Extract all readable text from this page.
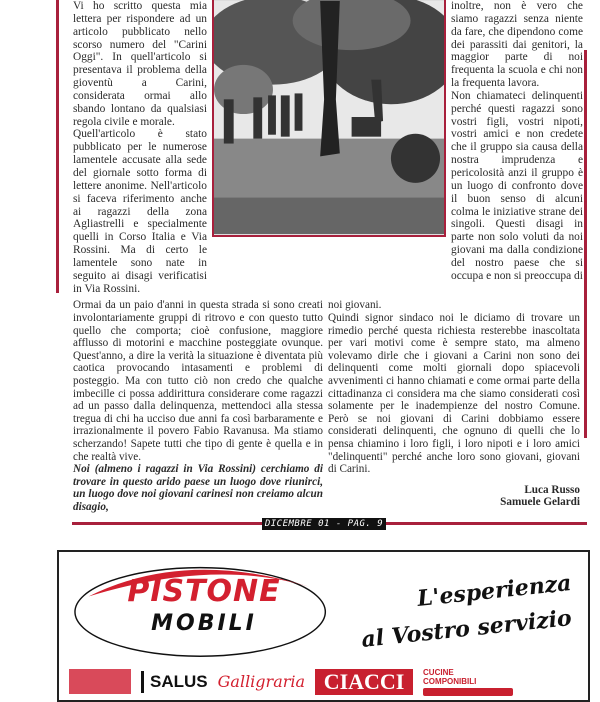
Vi ho scritto questa mia lettera per rispondere ad un articolo pubblicato nello scorso numero del "Carini Oggi". In quell'articolo si presentava il problema della gioventù a Carini, considerata ormai allo sbando lontano da qualsiasi regola civile e morale.

Quell'articolo è stato pubblicato per le numerose lamentele accusate alla sede del giornale sotto forma di lettere anonime. Nell'articolo si faceva riferimento anche ai ragazzi della zona Agliastrelli e specialmente quelli in Corso Italia e Via Rossini. Ma di certo le lamentele sono nate in seguito ai disagi verificatisi in Via Rossini.

inoltre, non è vero che siamo ragazzi senza niente da fare, che dipendono come dei parassiti dai genitori, la maggior parte di noi frequenta la scuola e chi non la frequenta lavora.

Non chiamateci delinquenti perché questi ragazzi sono vostri figli, vostri nipoti, vostri amici e non credete che il gruppo sia causa della nostra imprudenza e pericolosità anzi il gruppo è un luogo di confronto dove il buon senso di alcuni colma le iniziative strane dei singoli. Questi disagi in parte non solo voluti da noi giovani ma dalla condizione del nostro paese che si occupa e non si preoccupa di

Ormai da un paio d'anni in questa strada si sono creati involontariamente gruppi di ritrovo e con questo tutto quello che comporta; cioè confusione, maggiore afflusso di motorini e macchine posteggiate ovunque. Quest'anno, a dire la verità la situazione è diventata più caotica provocando intasamenti e problemi di posteggio. Ma con tutto ciò non credo che qualche imbecille ci possa addirittura considerare come ragazzi ad un passo dalla delinquenza, mettendoci alla stessa tregua di chi ha ucciso due anni fa così barbaramente e irrazionalmente il povero Fabio Ravanusa. Ma stiamo scherzando! Sapete tutti che tipo di gente è quella e in che realtà vive.

Noi (almeno i ragazzi in Via Rossini) cerchiamo di trovare in questo arido paese un luogo dove riunirci, un luogo dove noi giovani carinesi non creiamo alcun disagio,

noi giovani.

Quindi signor sindaco noi le diciamo di trovare un rimedio perché questa richiesta resterebbe inascoltata per vari motivi come è sempre stato, ma almeno volevamo dirle che i giovani a Carini non sono dei delinquenti come molti giornali dopo spiacevoli avvenimenti ci hanno chiamati e come ormai parte della cittadinanza ci considera ma che siamo considerati così solamente per le inadempienze del nostro Comune. Però se noi giovani di Carini dobbiamo essere considerati delinquenti, che ognuno di quelli che lo pensa chiamino i loro figli, i loro nipoti e i loro amici "delinquenti" perché anche loro sono giovani, giovani di Carini.

Luca Russo

Samuele Gelardi

DICEMBRE 01 - PAG. 9
PISTONE
MOBILI
L'esperienza
al Vostro servizio
SALUS Galligraria CIACCI	CUCINE
COMPONIBILI
